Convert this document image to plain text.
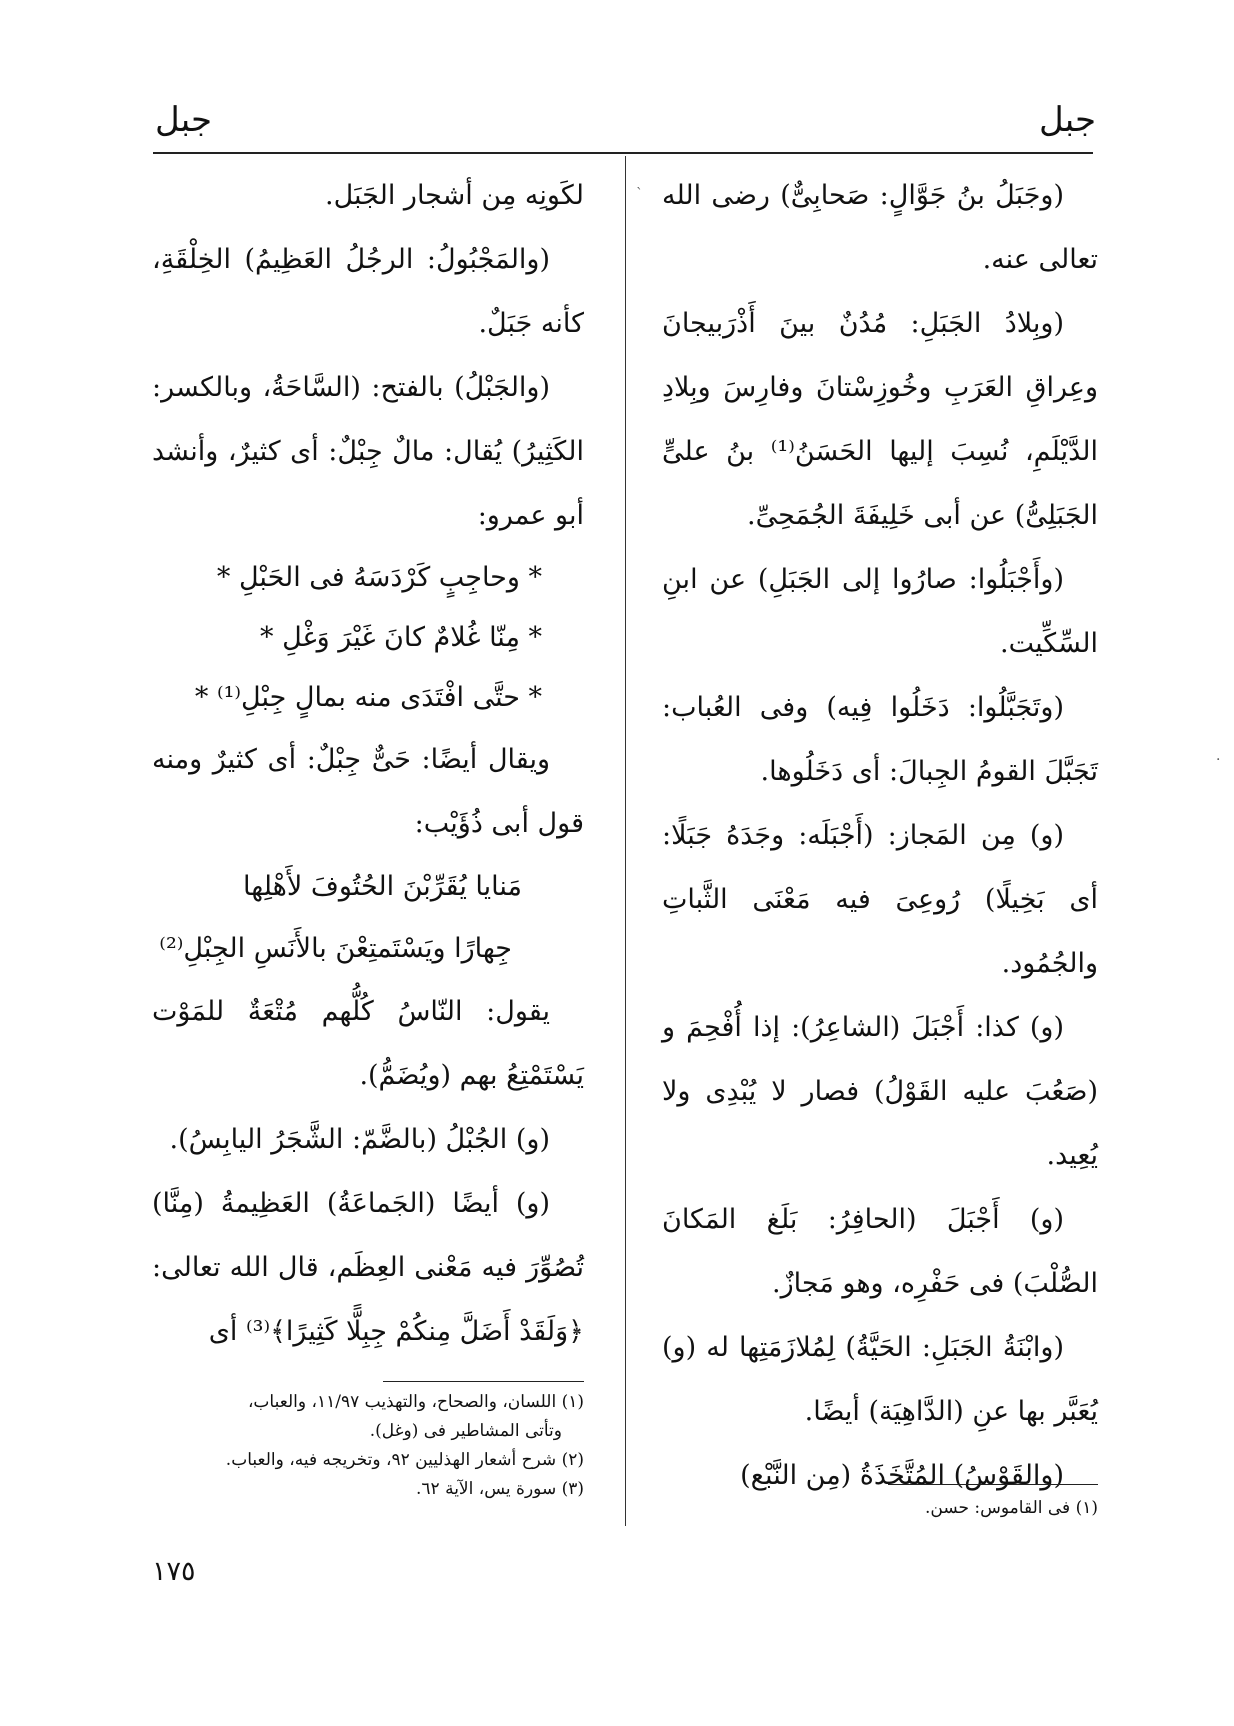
جبل
جبل

(وجَبَلُ بنُ جَوَّالٍ: صَحابِىٌّ) رضى الله تعالى عنه.

(وبِلادُ الجَبَلِ: مُدُنٌ بينَ أَذْرَبيجانَ وعِراقِ العَرَبِ وخُوزِسْتانَ وفارِسَ وبِلادِ الدَّيْلَمِ، نُسِبَ إليها الحَسَنُ⁽¹⁾ بنُ علىٍّ الجَبَلِىُّ) عن أبى خَلِيفَةَ الجُمَحِىِّ.

(وأَجْبَلُوا: صارُوا إلى الجَبَلِ) عن ابنِ السِّكِّيت.

(وتَجَبَّلُوا: دَخَلُوا فِيه) وفى العُباب: تَجَبَّلَ القومُ الجِبالَ: أى دَخَلُوها.

(و) مِن المَجاز: (أَجْبَلَه: وجَدَهُ جَبَلًا: أى بَخِيلًا) رُوعِىَ فيه مَعْنَى الثَّباتِ والجُمُود.

(و) كذا: أَجْبَلَ (الشاعِرُ): إذا أُفْحِمَ و (صَعُبَ عليه القَوْلُ) فصار لا يُبْدِى ولا يُعِيد.

(و) أَجْبَلَ (الحافِرُ: بَلَغ المَكانَ الصُّلْبَ) فى حَفْرِه، وهو مَجازٌ.

(وابْنَةُ الجَبَلِ: الحَيَّةُ) لِمُلازَمَتِها له (و) يُعَبَّر بها عنِ (الدَّاهِيَة) أيضًا.

(والقَوْسُ) المُتَّخَذَةُ (مِن النَّبْع)

لكَونِه مِن أشجار الجَبَل.

(والمَجْبُولُ: الرجُلُ العَظِيمُ) الخِلْقَةِ، كأنه جَبَلٌ.

(والجَبْلُ) بالفتح: (السَّاحَةُ، وبالكسر: الكَثِيرُ) يُقال: مالٌ جِبْلٌ: أى كثيرٌ، وأنشد أبو عمرو:

* وحاجِبٍ كَرْدَسَهُ فى الحَبْلِ *

* مِنّا غُلامٌ كانَ غَيْرَ وَغْلِ *

* حتَّى افْتَدَى منه بمالٍ جِبْلِ⁽¹⁾ *

ويقال أيضًا: حَىٌّ جِبْلٌ: أى كثيرٌ ومنه قول أبى ذُؤَيْب:

مَنايا يُقَرِّبْنَ الحُتُوفَ لأَهْلِها

جِهارًا ويَسْتَمتِعْنَ بالأَنَسِ الجِبْلِ⁽²⁾

يقول: النّاسُ كُلُّهم مُتْعَةٌ للمَوْت يَسْتَمْتِعُ بهم (ويُضَمُّ).

(و) الجُبْلُ (بالضَّمّ: الشَّجَرُ اليابِسُ).

(و) أيضًا (الجَماعَةُ) العَظِيمةُ (مِنَّا) تُصُوِّرَ فيه مَعْنى العِظَم، قال الله تعالى: ﴿وَلَقَدْ أَضَلَّ مِنكُمْ جِبِلًّا كَثِيرًا﴾⁽³⁾ أى

(١) فى القاموس: حسن.
(١) اللسان، والصحاح، والتهذيب ١١/٩٧، والعباب،
وتأتى المشاطير فى (وغل).
(٢) شرح أشعار الهذليين ٩٢، وتخريجه فيه، والعباب.
(٣) سورة يس، الآية ٦٢.
١٧٥
`
·
